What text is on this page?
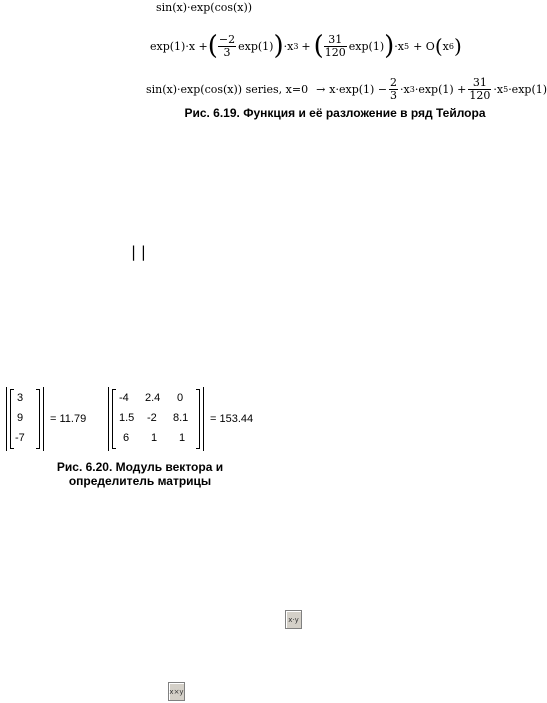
sin(x)·exp(cos(x))
exp(1)·x + ( $\frac{-2}{3} \exp(1)$ ) ·x 3 + ( $\frac{31}{120} \exp(1)$ ) ·x 5 + O ( x 6 )
sin(x)·exp(cos(x)) series, $x=0 \to x\cdot\exp(1) - \frac{2}{3} \cdot x$ $3 \cdot\exp(1) + \frac{31}{120} \cdot x$ 5 ·exp(1)
Рис. 6.19. Функция и её разложение в ряд Тейлора
| |
3
9
-7
= 11.79
-4 2.4 0
1.5 -2 8.1
6 1 1
= 153.44
Рис. 6.20. Модуль вектора и
определитель матрицы
x·y
x×y
